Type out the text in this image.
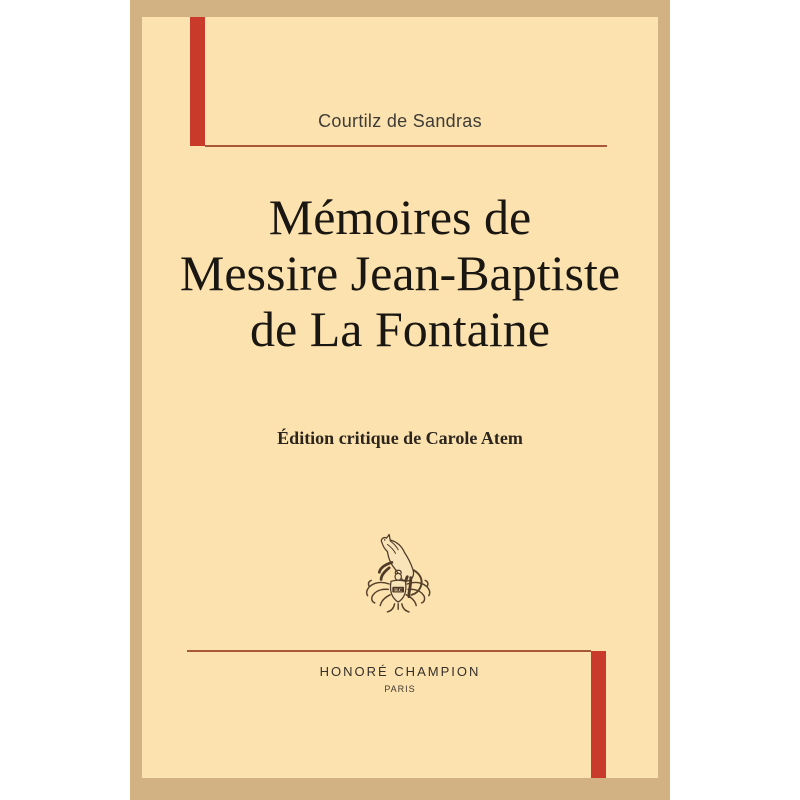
Courtilz de Sandras
Mémoires de
Messire Jean-Baptiste
de La Fontaine
Édition critique de Carole Atem
H.C
HONORÉ CHAMPION
PARIS
